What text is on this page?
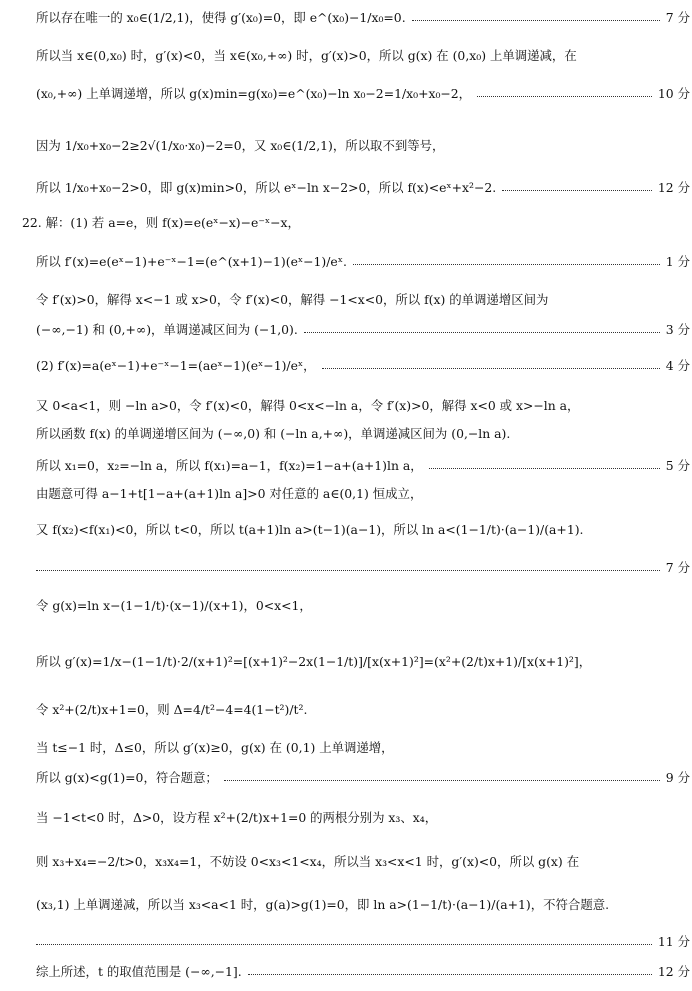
所以存在唯一的 x₀∈(1/2,1)，使得 g′(x₀)=0，即 e^(x₀)−1/x₀=0.	7 分
所以当 x∈(0,x₀) 时，g′(x)<0，当 x∈(x₀,+∞) 时，g′(x)>0，所以 g(x) 在 (0,x₀) 上单调递减，在
(x₀,+∞) 上单调递增，所以 g(x)min=g(x₀)=e^(x₀)−ln x₀−2=1/x₀+x₀−2，	10 分
因为 1/x₀+x₀−2≥2√(1/x₀·x₀)−2=0，又 x₀∈(1/2,1)，所以取不到等号，
所以 1/x₀+x₀−2>0，即 g(x)min>0，所以 eˣ−ln x−2>0，所以 f(x)<eˣ+x²−2.	12 分
22. 解：(1) 若 a=e，则 f(x)=e(eˣ−x)−e⁻ˣ−x，
所以 f′(x)=e(eˣ−1)+e⁻ˣ−1=(e^(x+1)−1)(eˣ−1)/eˣ.	1 分
令 f′(x)>0，解得 x<−1 或 x>0，令 f′(x)<0，解得 −1<x<0，所以 f(x) 的单调递增区间为
(−∞,−1) 和 (0,+∞)，单调递减区间为 (−1,0).	3 分
(2) f′(x)=a(eˣ−1)+e⁻ˣ−1=(aeˣ−1)(eˣ−1)/eˣ，	4 分
又 0<a<1，则 −ln a>0，令 f′(x)<0，解得 0<x<−ln a，令 f′(x)>0，解得 x<0 或 x>−ln a，
所以函数 f(x) 的单调递增区间为 (−∞,0) 和 (−ln a,+∞)，单调递减区间为 (0,−ln a).
所以 x₁=0，x₂=−ln a，所以 f(x₁)=a−1，f(x₂)=1−a+(a+1)ln a，	5 分
由题意可得 a−1+t[1−a+(a+1)ln a]>0 对任意的 a∈(0,1) 恒成立，
又 f(x₂)<f(x₁)<0，所以 t<0，所以 t(a+1)ln a>(t−1)(a−1)，所以 ln a<(1−1/t)·(a−1)/(a+1).
7 分
令 g(x)=ln x−(1−1/t)·(x−1)/(x+1)，0<x<1，
所以 g′(x)=1/x−(1−1/t)·2/(x+1)²=[(x+1)²−2x(1−1/t)]/[x(x+1)²]=(x²+(2/t)x+1)/[x(x+1)²]，
令 x²+(2/t)x+1=0，则 Δ=4/t²−4=4(1−t²)/t².
当 t≤−1 时，Δ≤0，所以 g′(x)≥0，g(x) 在 (0,1) 上单调递增，
所以 g(x)<g(1)=0，符合题意；	9 分
当 −1<t<0 时，Δ>0，设方程 x²+(2/t)x+1=0 的两根分别为 x₃、x₄，
则 x₃+x₄=−2/t>0，x₃x₄=1，不妨设 0<x₃<1<x₄，所以当 x₃<x<1 时，g′(x)<0，所以 g(x) 在
(x₃,1) 上单调递减，所以当 x₃<a<1 时，g(a)>g(1)=0，即 ln a>(1−1/t)·(a−1)/(a+1)，不符合题意.
11 分
综上所述，t 的取值范围是 (−∞,−1].	12 分
